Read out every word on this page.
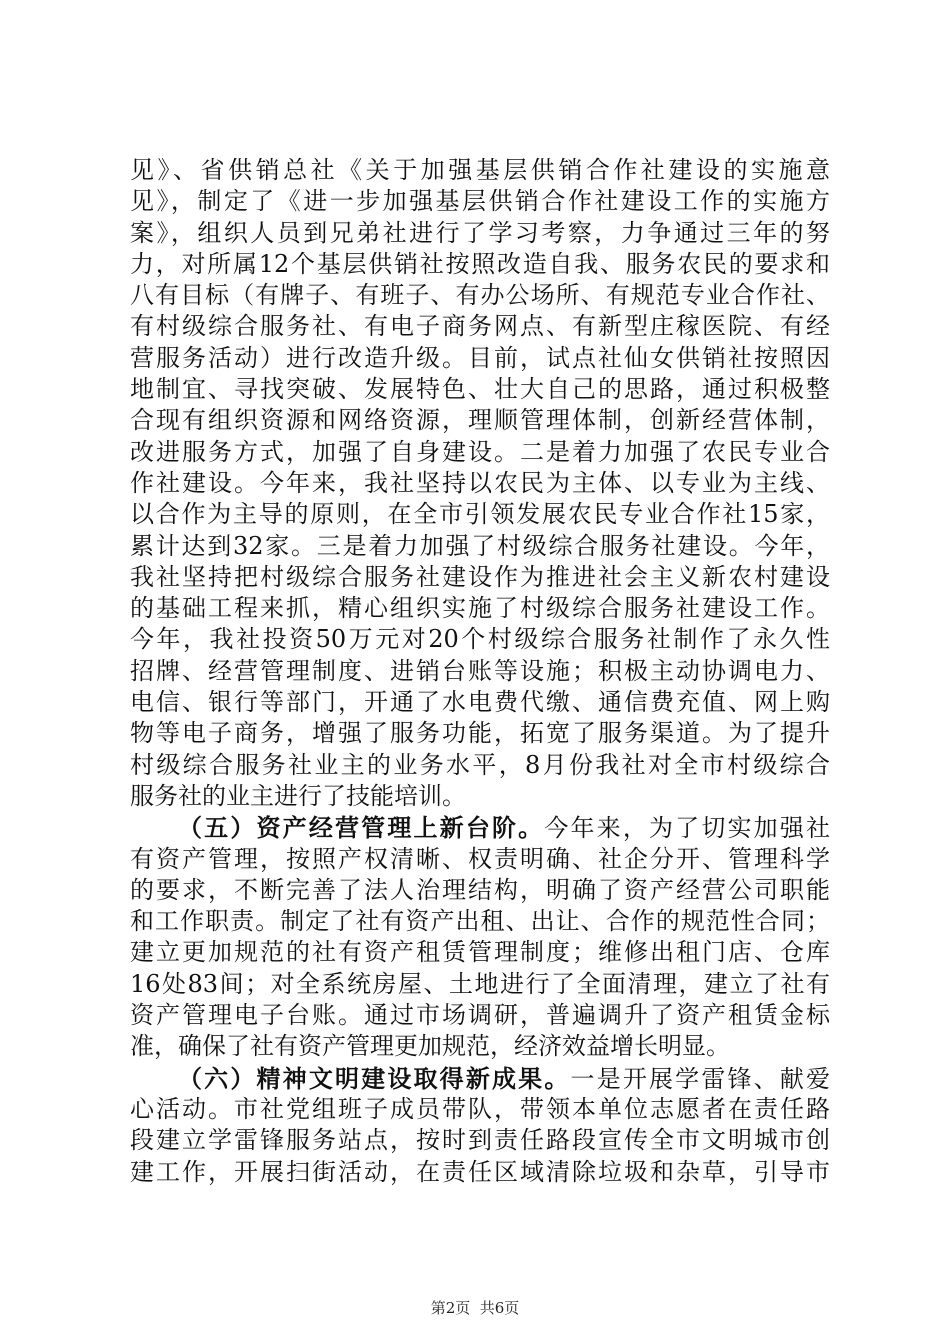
见》、省供销总社《关于加强基层供销合作社建设的实施意
见》，制定了《进一步加强基层供销合作社建设工作的实施方
案》，组织人员到兄弟社进行了学习考察，力争通过三年的努
力，对所属12个基层供销社按照改造自我、服务农民的要求和
八有目标（有牌子、有班子、有办公场所、有规范专业合作社、
有村级综合服务社、有电子商务网点、有新型庄稼医院、有经
营服务活动）进行改造升级。目前，试点社仙女供销社按照因
地制宜、寻找突破、发展特色、壮大自己的思路，通过积极整
合现有组织资源和网络资源，理顺管理体制，创新经营体制，
改进服务方式，加强了自身建设。二是着力加强了农民专业合
作社建设。今年来，我社坚持以农民为主体、以专业为主线、
以合作为主导的原则，在全市引领发展农民专业合作社15家，
累计达到32家。三是着力加强了村级综合服务社建设。今年，
我社坚持把村级综合服务社建设作为推进社会主义新农村建设
的基础工程来抓，精心组织实施了村级综合服务社建设工作。
今年，我社投资50万元对20个村级综合服务社制作了永久性
招牌、经营管理制度、进销台账等设施；积极主动协调电力、
电信、银行等部门，开通了水电费代缴、通信费充值、网上购
物等电子商务，增强了服务功能，拓宽了服务渠道。为了提升
村级综合服务社业主的业务水平，8月份我社对全市村级综合
服务社的业主进行了技能培训。
（五）资产经营管理上新台阶。今年来，为了切实加强社
有资产管理，按照产权清晰、权责明确、社企分开、管理科学
的要求，不断完善了法人治理结构，明确了资产经营公司职能
和工作职责。制定了社有资产出租、出让、合作的规范性合同；
建立更加规范的社有资产租赁管理制度；维修出租门店、仓库
16处83间；对全系统房屋、土地进行了全面清理，建立了社有
资产管理电子台账。通过市场调研，普遍调升了资产租赁金标
准，确保了社有资产管理更加规范，经济效益增长明显。
（六）精神文明建设取得新成果。一是开展学雷锋、献爱
心活动。市社党组班子成员带队，带领本单位志愿者在责任路
段建立学雷锋服务站点，按时到责任路段宣传全市文明城市创
建工作，开展扫街活动，在责任区域清除垃圾和杂草，引导市
第2页  共6页
